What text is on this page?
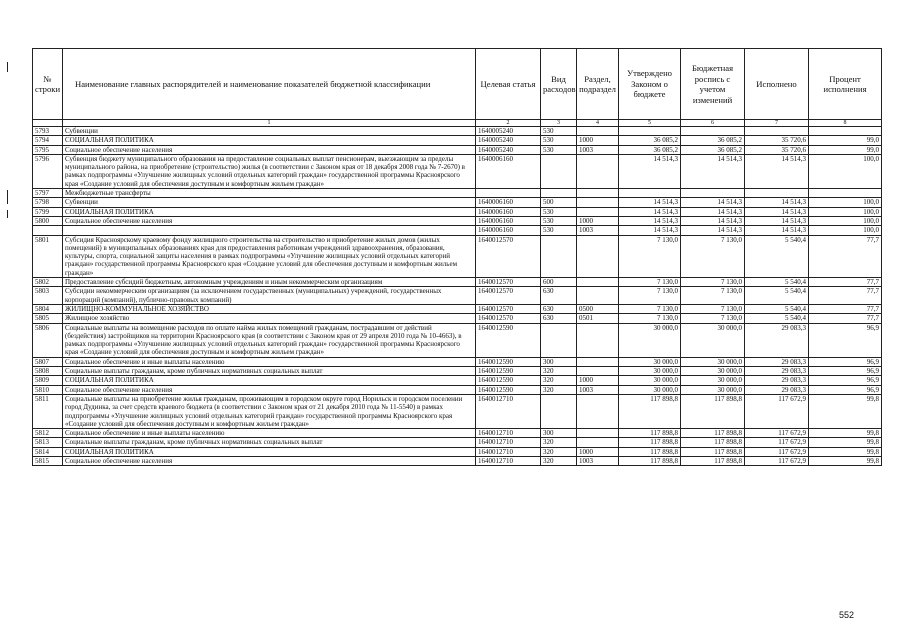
№ строки	Наименование главных распорядителей и наименование показателей бюджетной классификации	Целевая статья	Вид расходов	Раздел, подраздел	Утверждено Законом о бюджете	Бюджетная роспись с учетом изменений	Исполнено	Процент исполнения
	1	2	3	4	5	6	7	8
5793	Субвенции	1640005240	530					
5794	СОЦИАЛЬНАЯ ПОЛИТИКА	1640005240	530	1000	36 085,2	36 085,2	35 720,6	99,0
5795	Социальное обеспечение населения	1640005240	530	1003	36 085,2	36 085,2	35 720,6	99,0
5796	Субвенция бюджету муниципального образования на предоставление социальных выплат пенсионерам, выезжающим за пределы муниципального района, на приобретение (строительство) жилья (в соответствии с Законом края от 18 декабря 2008 года № 7-2670) в рамках подпрограммы «Улучшение жилищных условий отдельных категорий граждан» государственной программы Красноярского края «Создание условий для обеспечения доступным и комфортным жильем граждан»	1640006160			14 514,3	14 514,3	14 514,3	100,0
5797	Межбюджетные трансферты							
5798	Субвенции	1640006160	500		14 514,3	14 514,3	14 514,3	100,0
5799	СОЦИАЛЬНАЯ ПОЛИТИКА	1640006160	530		14 514,3	14 514,3	14 514,3	100,0
5800	Социальное обеспечение населения	1640006160	530	1000	14 514,3	14 514,3	14 514,3	100,0
		1640006160	530	1003	14 514,3	14 514,3	14 514,3	100,0
5801	Субсидия Красноярскому краевому фонду жилищного строительства на строительство и приобретение жилых домов (жилых помещений) в муниципальных образованиях края для предоставления работникам учреждений здравоохранения, образования, культуры, спорта, социальной защиты населения в рамках подпрограммы «Улучшение жилищных условий отдельных категорий граждан» государственной программы Красноярского края «Создание условий для обеспечения доступным и комфортным жильем граждан»	1640012570			7 130,0	7 130,0	5 540,4	77,7
5802	Предоставление субсидий бюджетным, автономным учреждениям и иным некоммерческим организациям	1640012570	600		7 130,0	7 130,0	5 540,4	77,7
5803	Субсидии некоммерческим организациям (за исключением государственных (муниципальных) учреждений, государственных корпораций (компаний), публично-правовых компаний)	1640012570	630		7 130,0	7 130,0	5 540,4	77,7
5804	ЖИЛИЩНО-КОММУНАЛЬНОЕ ХОЗЯЙСТВО	1640012570	630	0500	7 130,0	7 130,0	5 540,4	77,7
5805	Жилищное хозяйство	1640012570	630	0501	7 130,0	7 130,0	5 540,4	77,7
5806	Социальные выплаты на возмещение расходов по оплате найма жилых помещений гражданам, пострадавшим от действий (бездействия) застройщиков на территории Красноярского края (в соответствии с Законом края от 29 апреля 2010 года № 10-4663), в рамках подпрограммы «Улучшение жилищных условий отдельных категорий граждан» государственной программы Красноярского края «Создание условий для обеспечения доступным и комфортным жильем граждан»	1640012590			30 000,0	30 000,0	29 083,3	96,9
5807	Социальное обеспечение и иные выплаты населению	1640012590	300		30 000,0	30 000,0	29 083,3	96,9
5808	Социальные выплаты гражданам, кроме публичных нормативных социальных выплат	1640012590	320		30 000,0	30 000,0	29 083,3	96,9
5809	СОЦИАЛЬНАЯ ПОЛИТИКА	1640012590	320	1000	30 000,0	30 000,0	29 083,3	96,9
5810	Социальное обеспечение населения	1640012590	320	1003	30 000,0	30 000,0	29 083,3	96,9
5811	Социальные выплаты на приобретение жилья гражданам, проживающим в городском округе город Норильск и городском поселении город Дудинка, за счет средств краевого бюджета (в соответствии с Законом края от 21 декабря 2010 года № 11-5540) в рамках подпрограммы «Улучшение жилищных условий отдельных категорий граждан» государственной программы Красноярского края «Создание условий для обеспечения доступным и комфортным жильем граждан»	1640012710			117 898,8	117 898,8	117 672,9	99,8
5812	Социальное обеспечение и иные выплаты населению	1640012710	300		117 898,8	117 898,8	117 672,9	99,8
5813	Социальные выплаты гражданам, кроме публичных нормативных социальных выплат	1640012710	320		117 898,8	117 898,8	117 672,9	99,8
5814	СОЦИАЛЬНАЯ ПОЛИТИКА	1640012710	320	1000	117 898,8	117 898,8	117 672,9	99,8
5815	Социальное обеспечение населения	1640012710	320	1003	117 898,8	117 898,8	117 672,9	99,8
552
